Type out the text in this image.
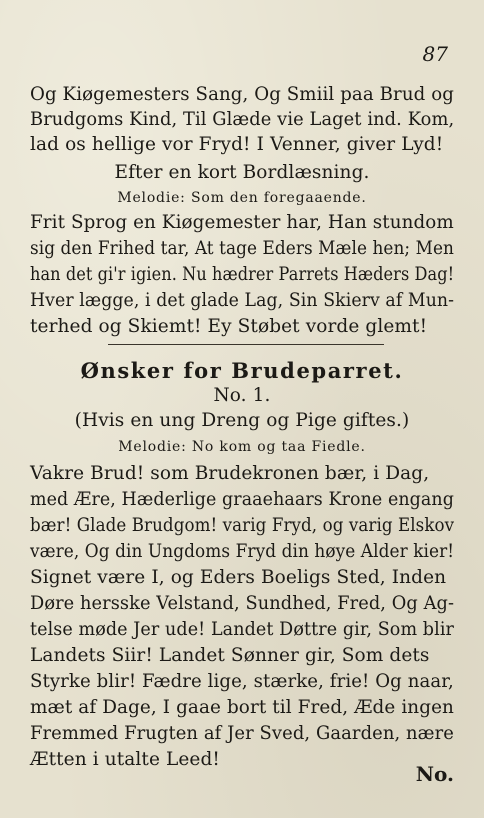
87
Og Kiøgemesters Sang, Og Smiil paa Brud og
Brudgoms Kind, Til Glæde vie Laget ind. Kom,
lad os hellige vor Fryd! I Venner, giver Lyd!
Efter en kort Bordlæsning.
Melodie: Som den foregaaende.
Frit Sprog en Kiøgemester har, Han stundom
sig den Frihed tar, At tage Eders Mæle hen; Men
han det gi'r igien. Nu hædrer Parrets Hæders Dag!
Hver lægge, i det glade Lag, Sin Skierv af Mun-
terhed og Skiemt! Ey Støbet vorde glemt!
Ønsker for Brudeparret.
No. 1.
(Hvis en ung Dreng og Pige giftes.)
Melodie: No kom og taa Fiedle.
Vakre Brud! som Brudekronen bær, i Dag,
med Ære, Hæderlige graaehaars Krone engang
bær! Glade Brudgom! varig Fryd, og varig Elskov
være, Og din Ungdoms Fryd din høye Alder kier!
Signet være I, og Eders Boeligs Sted, Inden
Døre hersske Velstand, Sundhed, Fred, Og Ag-
telse møde Jer ude! Landet Døttre gir, Som blir
Landets Siir! Landet Sønner gir, Som dets
Styrke blir! Fædre lige, stærke, frie! Og naar,
mæt af Dage, I gaae bort til Fred, Æde ingen
Fremmed Frugten af Jer Sved, Gaarden, nære
Ætten i utalte Leed!
No.
